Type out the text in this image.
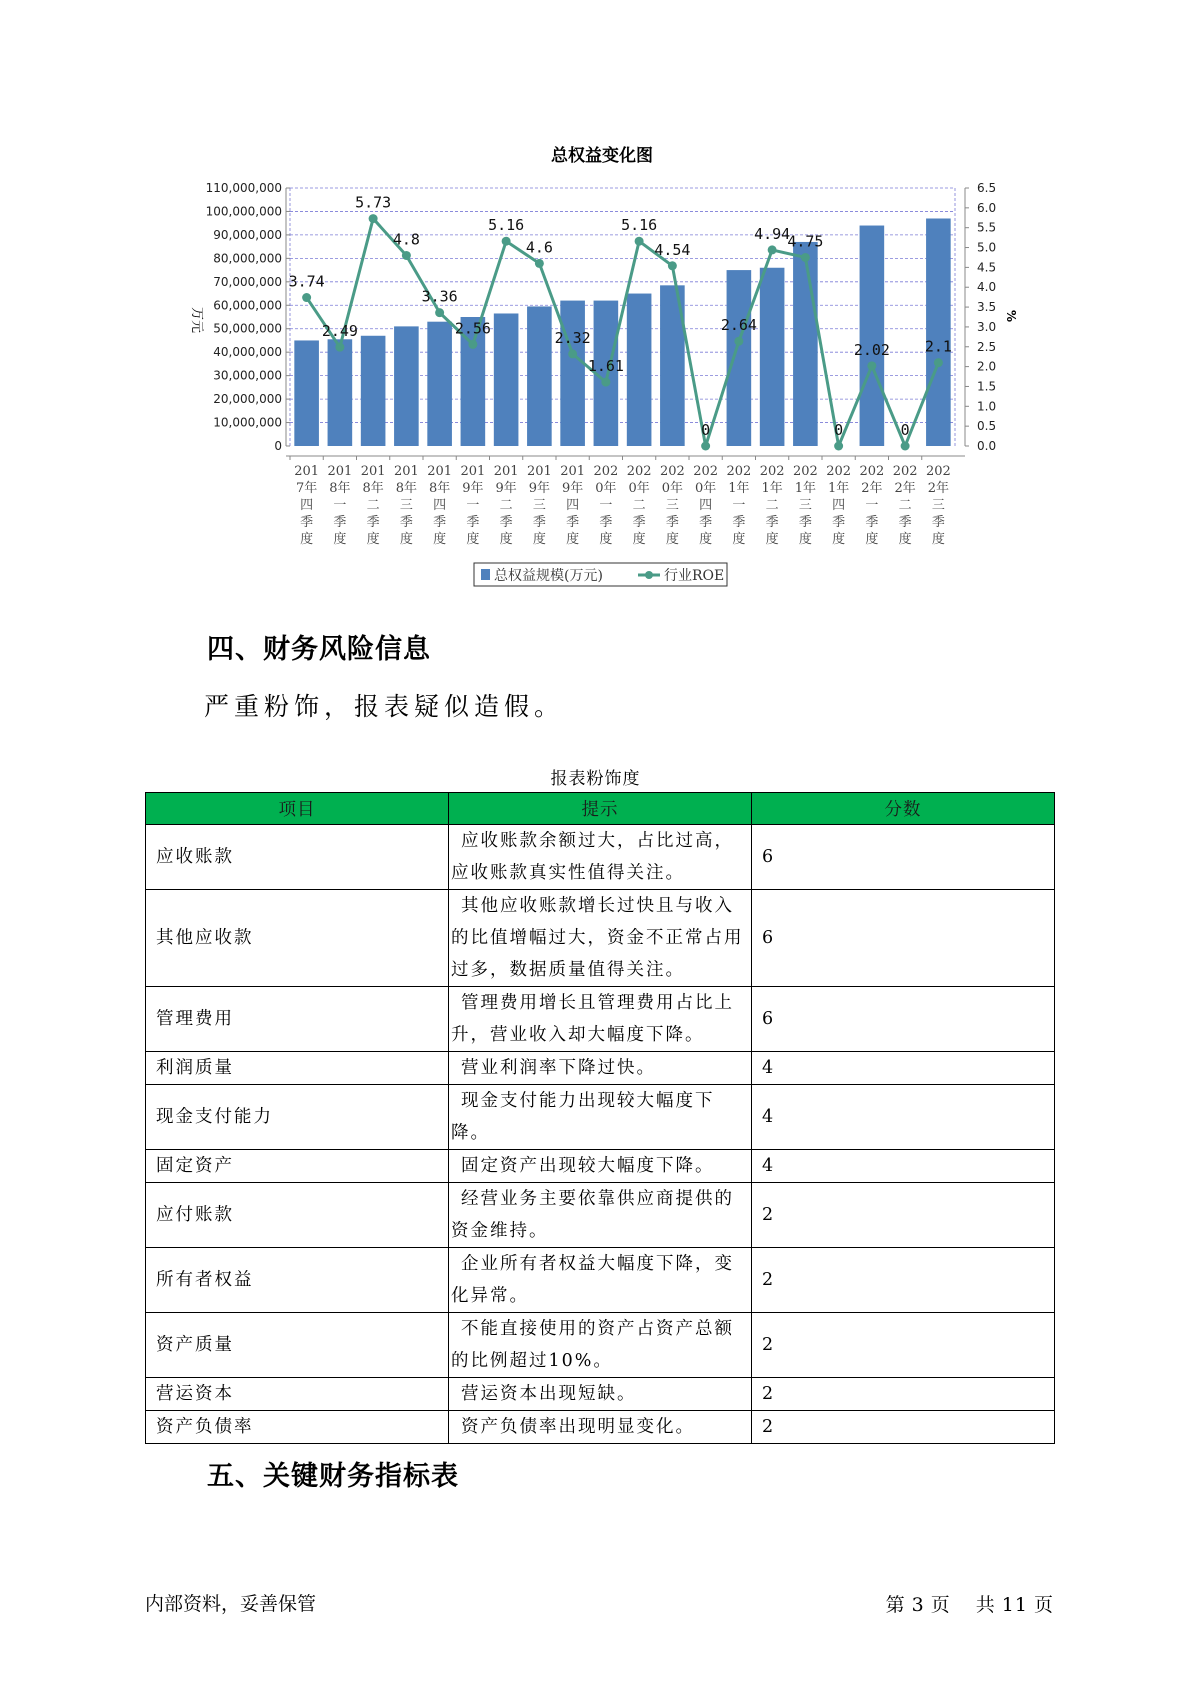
总权益变化图
3.74
2.49
5.73
4.8
3.36
2.56
5.16
4.6
2.32
1.61
5.16
4.54
0
2.64
4.94
4.75
0
2.02
0
2.1
110,000,000
100,000,000
90,000,000
80,000,000
70,000,000
60,000,000
50,000,000
40,000,000
30,000,000
20,000,000
10,000,000
0
6.5
6.0
5.5
5.0
4.5
4.0
3.5
3.0
2.5
2.0
1.5
1.0
0.5
0.0
201
7年
四
季
度
201
8年
一
季
度
201
8年
二
季
度
201
8年
三
季
度
201
8年
四
季
度
201
9年
一
季
度
201
9年
二
季
度
201
9年
三
季
度
201
9年
四
季
度
202
0年
一
季
度
202
0年
二
季
度
202
0年
三
季
度
202
0年
四
季
度
202
1年
一
季
度
202
1年
二
季
度
202
1年
三
季
度
202
1年
四
季
度
202
2年
一
季
度
202
2年
二
季
度
202
2年
三
季
度
万元	%
总权益规模(万元)	行业ROE
四、财务风险信息
严重粉饰，报表疑似造假。
报表粉饰度
项目	提示	分数
应收账款	应收账款余额过大，占比过高，应收账款真实性值得关注。	6
其他应收款	其他应收账款增长过快且与收入的比值增幅过大，资金不正常占用过多，数据质量值得关注。	6
管理费用	管理费用增长且管理费用占比上升，营业收入却大幅度下降。	6
利润质量	营业利润率下降过快。	4
现金支付能力	现金支付能力出现较大幅度下降。	4
固定资产	固定资产出现较大幅度下降。	4
应付账款	经营业务主要依靠供应商提供的资金维持。	2
所有者权益	企业所有者权益大幅度下降，变化异常。	2
资产质量	不能直接使用的资产占资产总额的比例超过10%。	2
营运资本	营运资本出现短缺。	2
资产负债率	资产负债率出现明显变化。	2
五、关键财务指标表
内部资料，妥善保管	第 3 页 共 11 页
